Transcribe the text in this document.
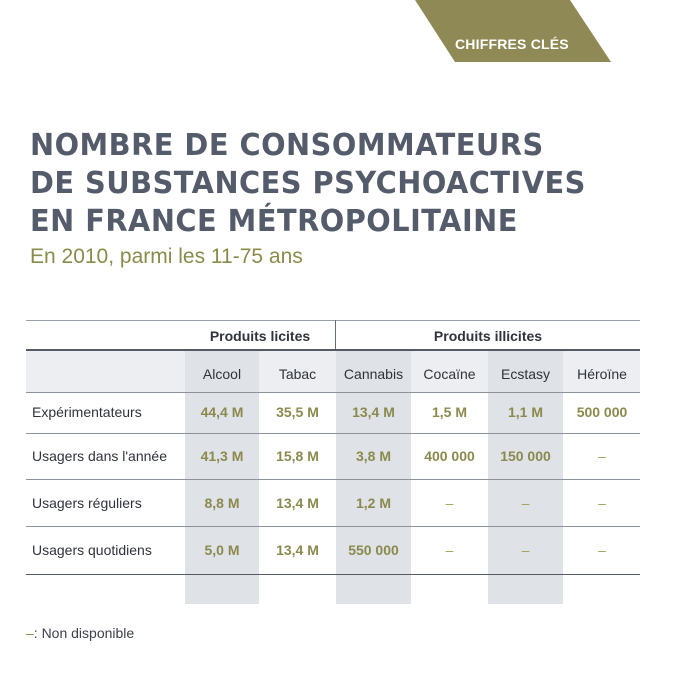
CHIFFRES CLÉS
NOMBRE DE CONSOMMATEURS
DE SUBSTANCES PSYCHOACTIVES
EN FRANCE MÉTROPOLITAINE
En 2010, parmi les 11-75 ans
Produits licites	Produits illicites
Alcool	Tabac	Cannabis	Cocaïne	Ecstasy	Héroïne
Expérimentateurs	44,4 M	35,5 M	13,4 M	1,5 M	1,1 M	500 000
Usagers dans l'année	41,3 M	15,8 M	3,8 M	400 000	150 000	–
Usagers réguliers	8,8 M	13,4 M	1,2 M	–	–	–
Usagers quotidiens	5,0 M	13,4 M	550 000	–	–	–
–: Non disponible
